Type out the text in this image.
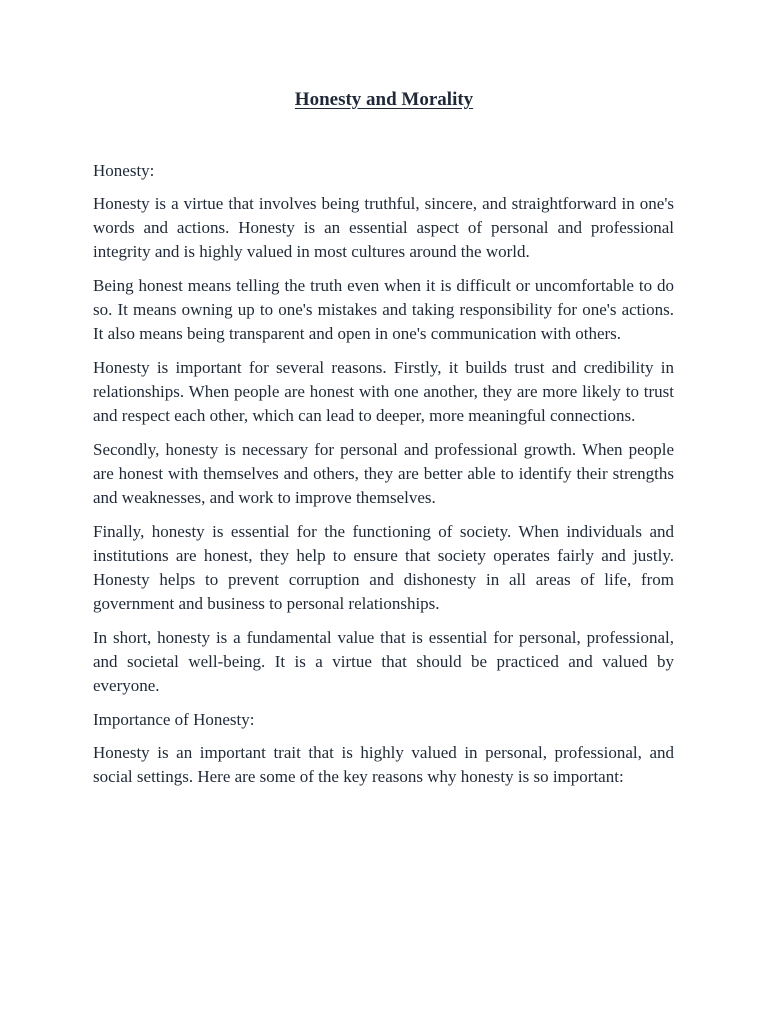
Honesty and Morality

Honesty:

Honesty is a virtue that involves being truthful, sincere, and straightforward in one's words and actions. Honesty is an essential aspect of personal and professional integrity and is highly valued in most cultures around the world.

Being honest means telling the truth even when it is difficult or uncomfortable to do so. It means owning up to one's mistakes and taking responsibility for one's actions. It also means being transparent and open in one's communication with others.

Honesty is important for several reasons. Firstly, it builds trust and credibility in relationships. When people are honest with one another, they are more likely to trust and respect each other, which can lead to deeper, more meaningful connections.

Secondly, honesty is necessary for personal and professional growth. When people are honest with themselves and others, they are better able to identify their strengths and weaknesses, and work to improve themselves.

Finally, honesty is essential for the functioning of society. When individuals and institutions are honest, they help to ensure that society operates fairly and justly. Honesty helps to prevent corruption and dishonesty in all areas of life, from government and business to personal relationships.

In short, honesty is a fundamental value that is essential for personal, professional, and societal well-being. It is a virtue that should be practiced and valued by everyone.

Importance of Honesty:

Honesty is an important trait that is highly valued in personal, professional, and social settings. Here are some of the key reasons why honesty is so important:
